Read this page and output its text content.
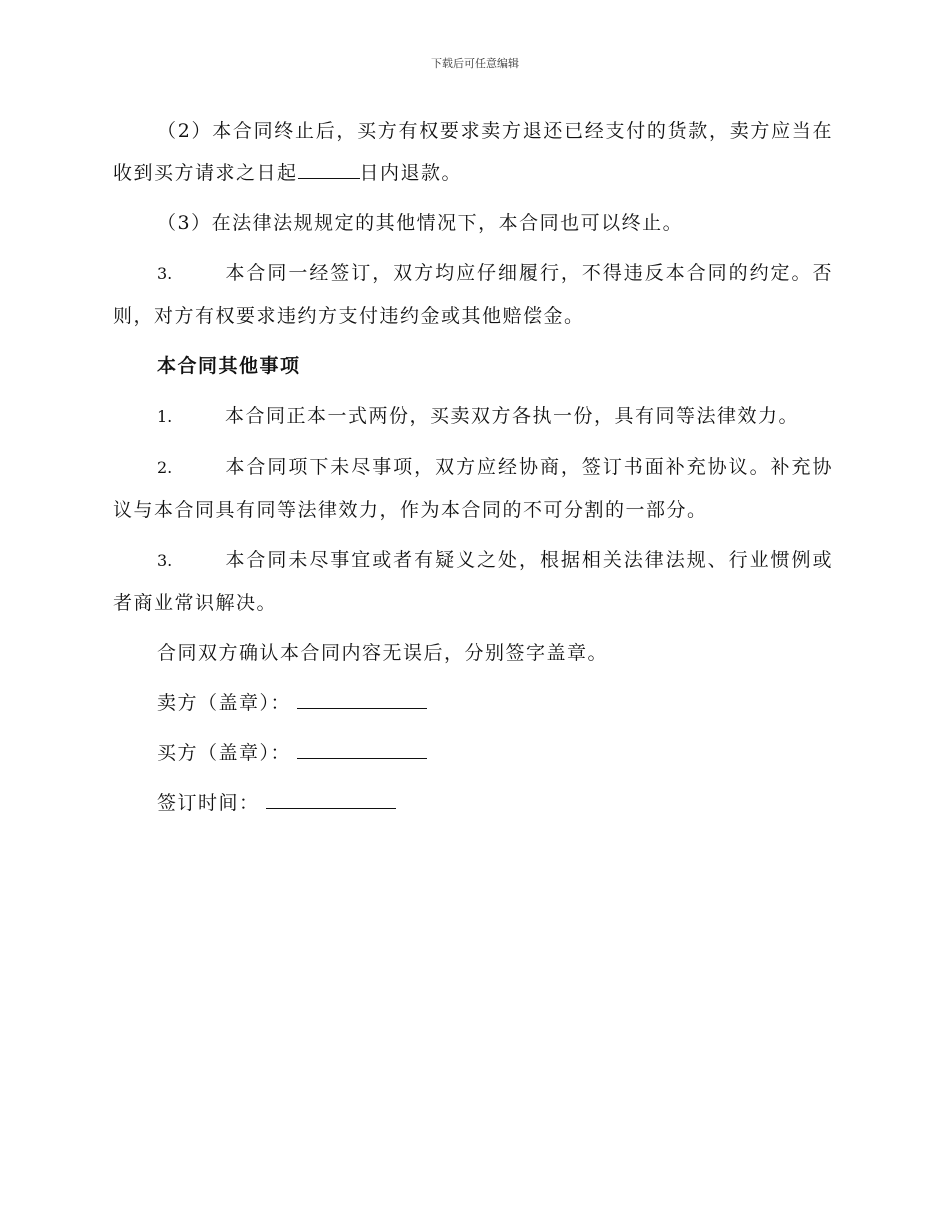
下载后可任意编辑

（2）本合同终止后，买方有权要求卖方退还已经支付的货款，卖方应当在收到买方请求之日起	日内退款。

（3）在法律法规规定的其他情况下，本合同也可以终止。

3.	本合同一经签订，双方均应仔细履行，不得违反本合同的约定。否则，对方有权要求违约方支付违约金或其他赔偿金。

本合同其他事项

1.	本合同正本一式两份，买卖双方各执一份，具有同等法律效力。

2.	本合同项下未尽事项，双方应经协商，签订书面补充协议。补充协议与本合同具有同等法律效力，作为本合同的不可分割的一部分。

3.	本合同未尽事宜或者有疑义之处，根据相关法律法规、行业惯例或者商业常识解决。

合同双方确认本合同内容无误后，分别签字盖章。

卖方（盖章）：
买方（盖章）：
签订时间：
